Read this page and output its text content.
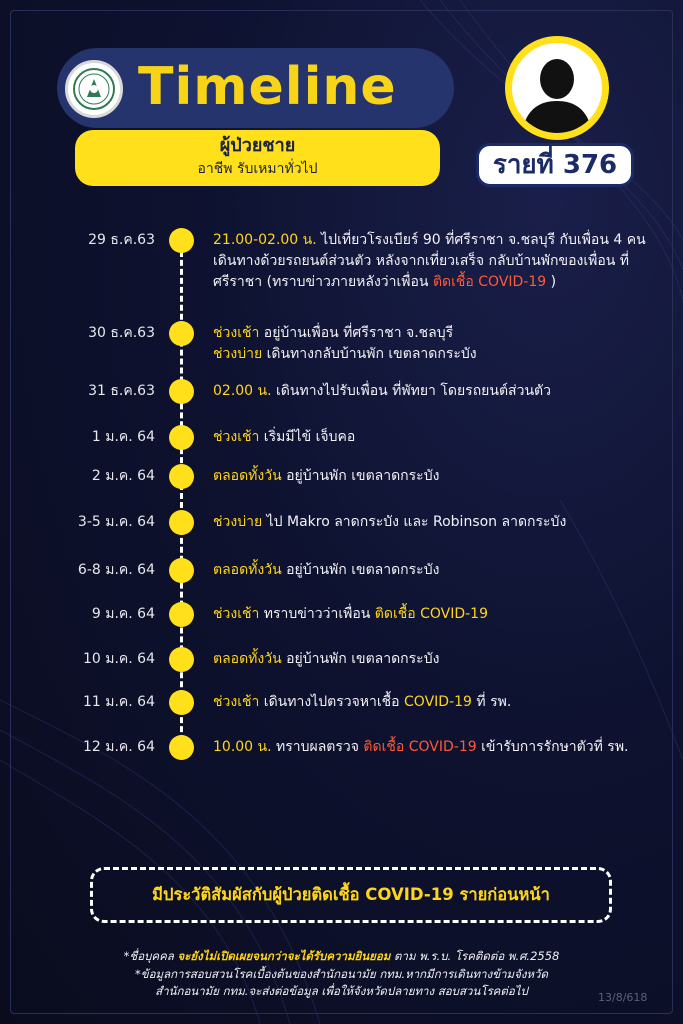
Timeline
ผู้ป่วยชาย
อาชีพ รับเหมาทั่วไป	รายที่ 376
29 ธ.ค.63	21.00-02.00 น. ไปเที่ยวโรงเบียร์ 90 ที่ศรีราชา จ.ชลบุรี กับเพื่อน 4 คน เดินทางด้วยรถยนต์ส่วนตัว หลังจากเที่ยวเสร็จ กลับบ้านพักของเพื่อน ที่ศรีราชา (ทราบข่าวภายหลังว่าเพื่อน ติดเชื้อ COVID-19 )
30 ธ.ค.63	ช่วงเช้า อยู่บ้านเพื่อน ที่ศรีราชา จ.ชลบุรี
ช่วงบ่าย เดินทางกลับบ้านพัก เขตลาดกระบัง
31 ธ.ค.63	02.00 น. เดินทางไปรับเพื่อน ที่พัทยา โดยรถยนต์ส่วนตัว
1 ม.ค. 64	ช่วงเช้า เริ่มมีไข้ เจ็บคอ
2 ม.ค. 64	ตลอดทั้งวัน อยู่บ้านพัก เขตลาดกระบัง
3-5 ม.ค. 64	ช่วงบ่าย ไป Makro ลาดกระบัง และ Robinson ลาดกระบัง
6-8 ม.ค. 64	ตลอดทั้งวัน อยู่บ้านพัก เขตลาดกระบัง
9 ม.ค. 64	ช่วงเช้า ทราบข่าวว่าเพื่อน ติดเชื้อ COVID-19
10 ม.ค. 64	ตลอดทั้งวัน อยู่บ้านพัก เขตลาดกระบัง
11 ม.ค. 64	ช่วงเช้า เดินทางไปตรวจหาเชื้อ COVID-19 ที่ รพ.
12 ม.ค. 64	10.00 น. ทราบผลตรวจ ติดเชื้อ COVID-19 เข้ารับการรักษาตัวที่ รพ.
มีประวัติสัมผัสกับผู้ป่วยติดเชื้อ COVID-19 รายก่อนหน้า
*ชื่อบุคคล จะยังไม่เปิดเผยจนกว่าจะได้รับความยินยอม ตาม พ.ร.บ. โรคติดต่อ พ.ศ.2558
*ข้อมูลการสอบสวนโรคเบื้องต้นของสำนักอนามัย กทม.หากมีการเดินทางข้ามจังหวัด
สำนักอนามัย กทม.จะส่งต่อข้อมูล เพื่อให้จังหวัดปลายทาง สอบสวนโรคต่อไป	13/8/618
